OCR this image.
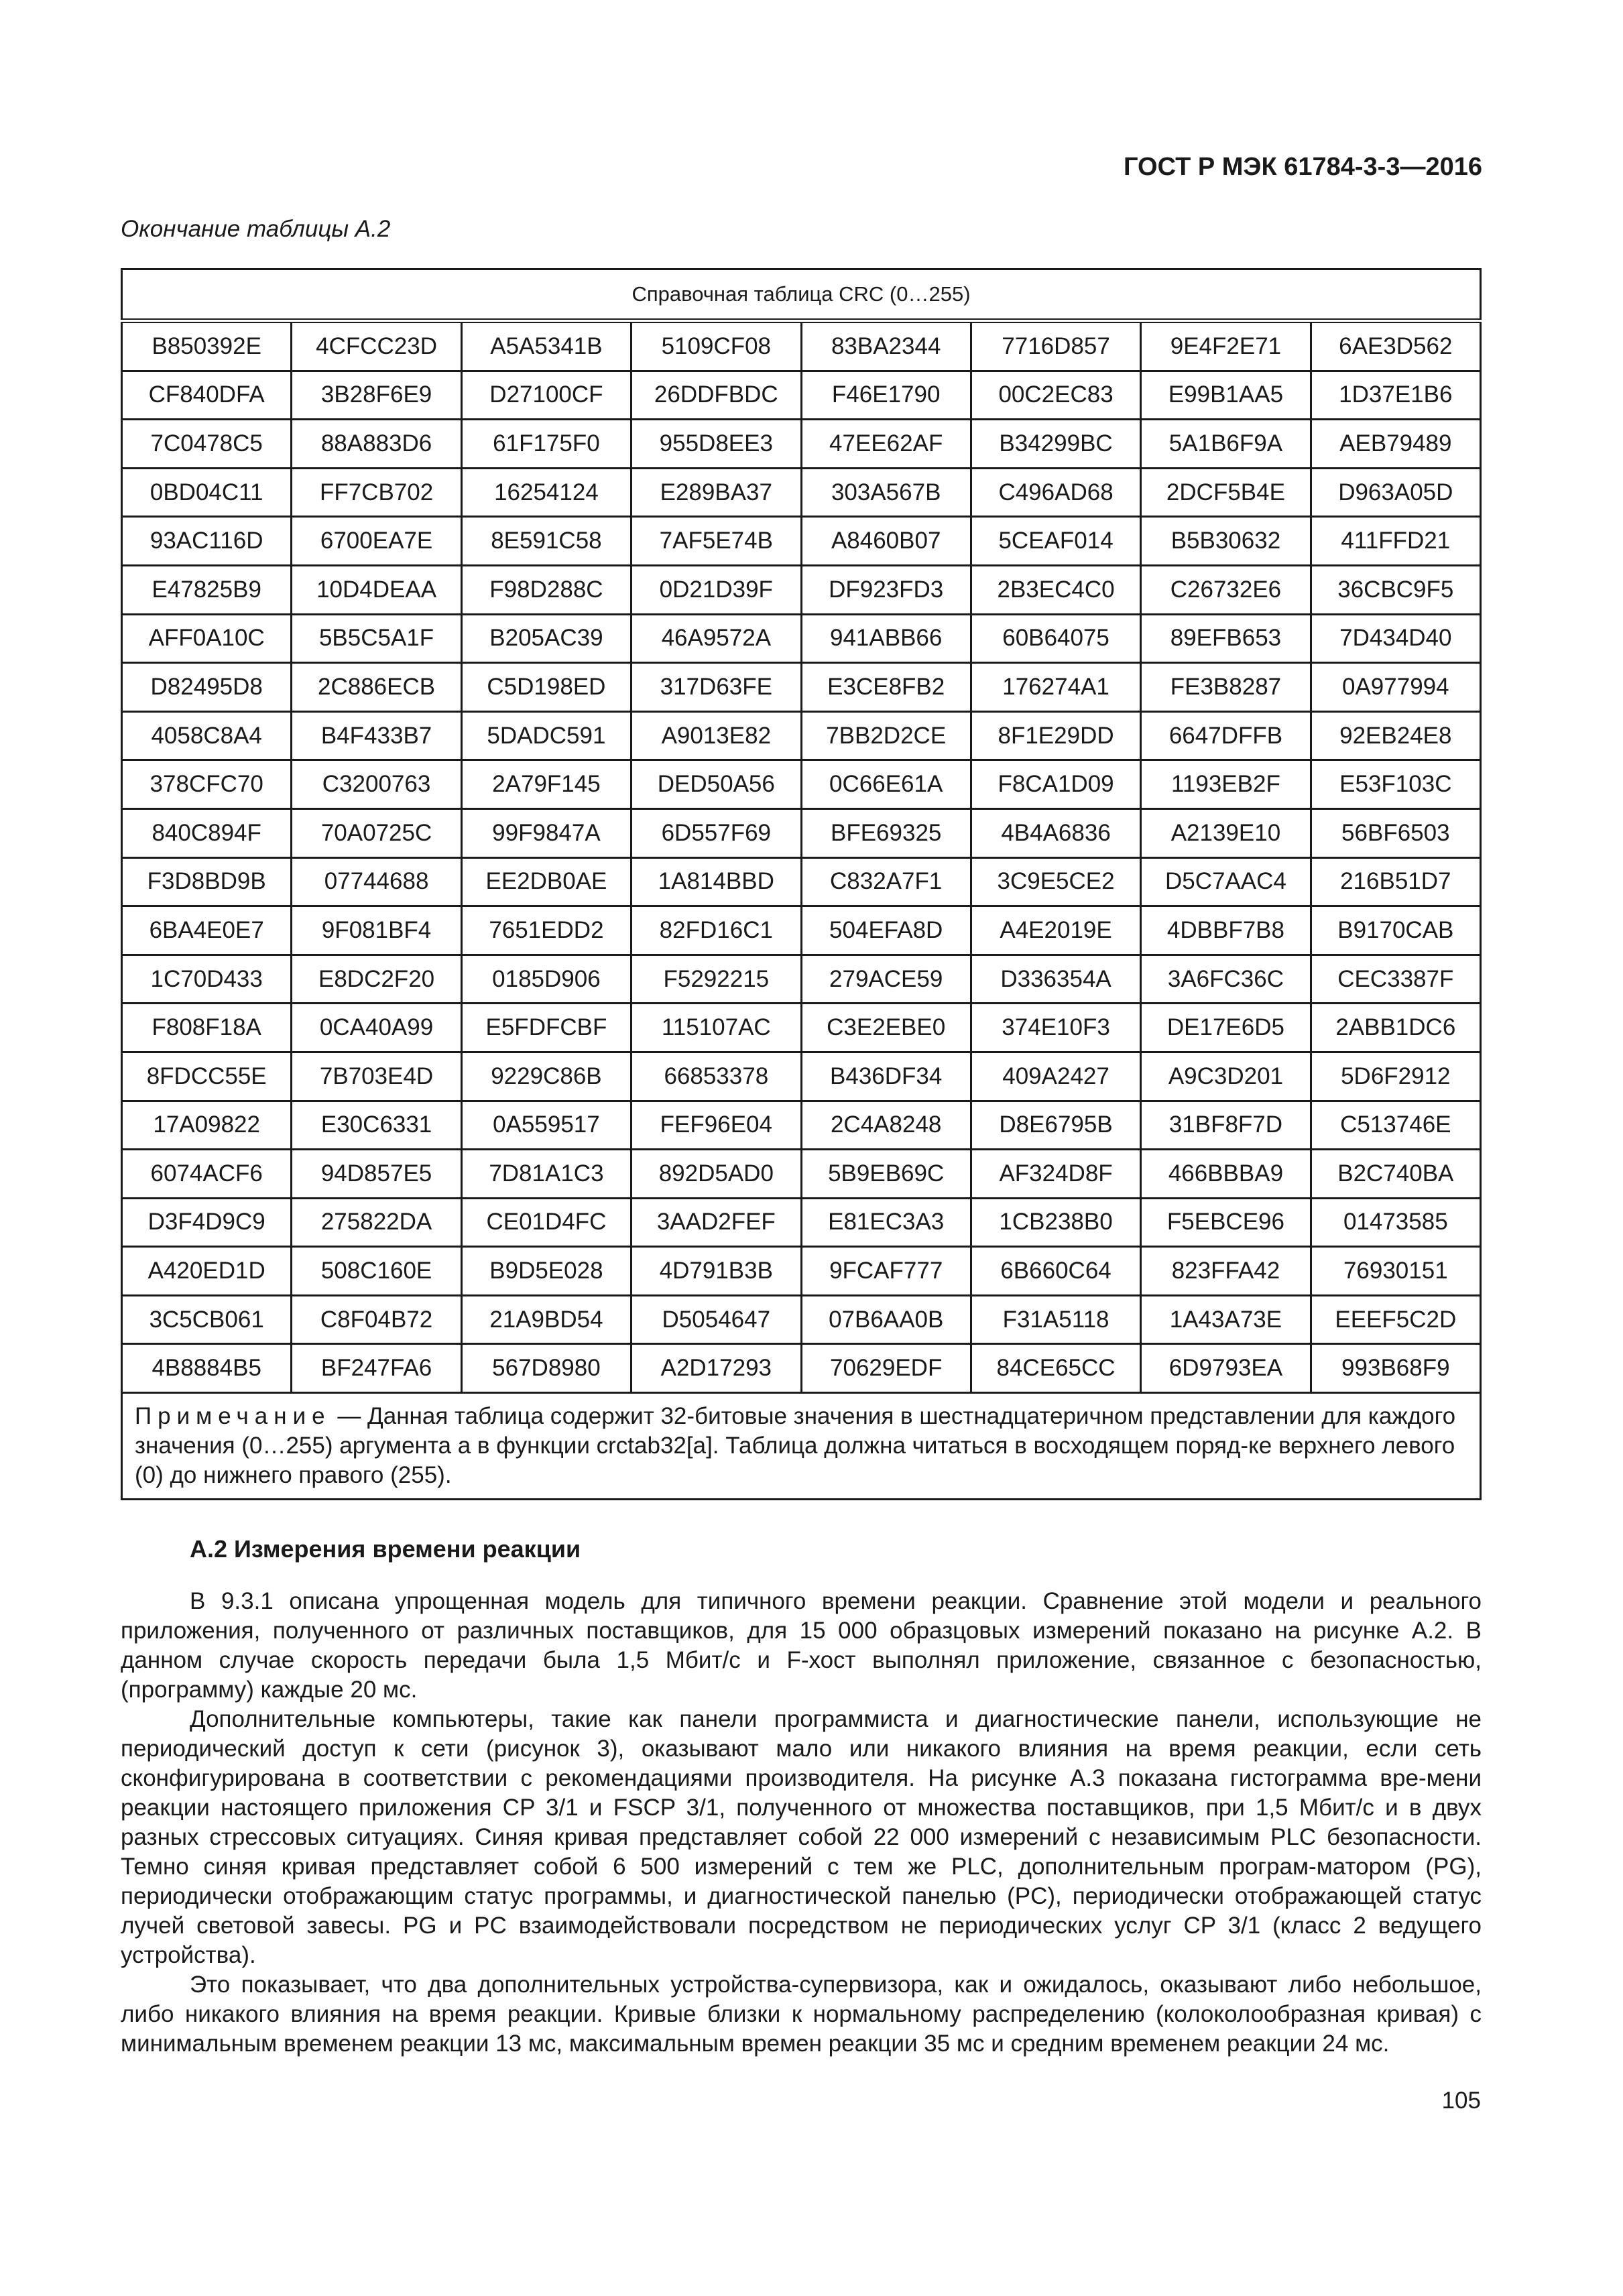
ГОСТ Р МЭК 61784-3-3—2016
Окончание таблицы А.2
Справочная таблица CRC (0…255)							
B850392E	4CFCC23D	A5A5341B	5109CF08	83BA2344	7716D857	9E4F2E71	6AE3D562
CF840DFA	3B28F6E9	D27100CF	26DDFBDC	F46E1790	00C2EC83	E99B1AA5	1D37E1B6
7C0478C5	88A883D6	61F175F0	955D8EE3	47EE62AF	B34299BC	5A1B6F9A	AEB79489
0BD04C11	FF7CB702	16254124	E289BA37	303A567B	C496AD68	2DCF5B4E	D963A05D
93AC116D	6700EA7E	8E591C58	7AF5E74B	A8460B07	5CEAF014	B5B30632	411FFD21
E47825B9	10D4DEAA	F98D288C	0D21D39F	DF923FD3	2B3EC4C0	C26732E6	36CBC9F5
AFF0A10C	5B5C5A1F	B205AC39	46A9572A	941ABB66	60B64075	89EFB653	7D434D40
D82495D8	2C886ECB	C5D198ED	317D63FE	E3CE8FB2	176274A1	FE3B8287	0A977994
4058C8A4	B4F433B7	5DADC591	A9013E82	7BB2D2CE	8F1E29DD	6647DFFB	92EB24E8
378CFC70	C3200763	2A79F145	DED50A56	0C66E61A	F8CA1D09	1193EB2F	E53F103C
840C894F	70A0725C	99F9847A	6D557F69	BFE69325	4B4A6836	A2139E10	56BF6503
F3D8BD9B	07744688	EE2DB0AE	1A814BBD	C832A7F1	3C9E5CE2	D5C7AAC4	216B51D7
6BA4E0E7	9F081BF4	7651EDD2	82FD16C1	504EFA8D	A4E2019E	4DBBF7B8	B9170CAB
1C70D433	E8DC2F20	0185D906	F5292215	279ACE59	D336354A	3A6FC36C	CEC3387F
F808F18A	0CA40A99	E5FDFCBF	115107AC	C3E2EBE0	374E10F3	DE17E6D5	2ABB1DC6
8FDCC55E	7B703E4D	9229C86B	66853378	B436DF34	409A2427	A9C3D201	5D6F2912
17A09822	E30C6331	0A559517	FEF96E04	2C4A8248	D8E6795B	31BF8F7D	C513746E
6074ACF6	94D857E5	7D81A1C3	892D5AD0	5B9EB69C	AF324D8F	466BBBA9	B2C740BA
D3F4D9C9	275822DA	CE01D4FC	3AAD2FEF	E81EC3A3	1CB238B0	F5EBCE96	01473585
A420ED1D	508C160E	B9D5E028	4D791B3B	9FCAF777	6B660C64	823FFA42	76930151
3C5CB061	C8F04B72	21A9BD54	D5054647	07B6AA0B	F31A5118	1A43A73E	EEEF5C2D
4B8884B5	BF247FA6	567D8980	A2D17293	70629EDF	84CE65CC	6D9793EA	993B68F9
Примечание — Данная таблица содержит 32-битовые значения в шестнадцатеричном представлении для каждого значения (0…255) аргумента a в функции crctab32[a]. Таблица должна читаться в восходящем поряд-ке верхнего левого (0) до нижнего правого (255).							
A.2 Измерения времени реакции

В 9.3.1 описана упрощенная модель для типичного времени реакции. Сравнение этой модели и реального приложения, полученного от различных поставщиков, для 15 000 образцовых измерений показано на рисунке А.2. В данном случае скорость передачи была 1,5 Мбит/с и F-хост выполнял приложение, связанное с безопасностью, (программу) каждые 20 мс.

Дополнительные компьютеры, такие как панели программиста и диагностические панели, использующие не периодический доступ к сети (рисунок 3), оказывают мало или никакого влияния на время реакции, если сеть сконфигурирована в соответствии с рекомендациями производителя. На рисунке А.3 показана гистограмма вре-мени реакции настоящего приложения CP 3/1 и FSCP 3/1, полученного от множества поставщиков, при 1,5 Мбит/с и в двух разных стрессовых ситуациях. Синяя кривая представляет собой 22 000 измерений с независимым PLC безопасности. Темно синяя кривая представляет собой 6 500 измерений с тем же PLC, дополнительным програм-матором (PG), периодически отображающим статус программы, и диагностической панелью (PC), периодически отображающей статус лучей световой завесы. PG и PC взаимодействовали посредством не периодических услуг CP 3/1 (класс 2 ведущего устройства).

Это показывает, что два дополнительных устройства-супервизора, как и ожидалось, оказывают либо небольшое, либо никакого влияния на время реакции. Кривые близки к нормальному распределению (колоколообразная кривая) с минимальным временем реакции 13 мс, максимальным времен реакции 35 мс и средним временем реакции 24 мс.

105
